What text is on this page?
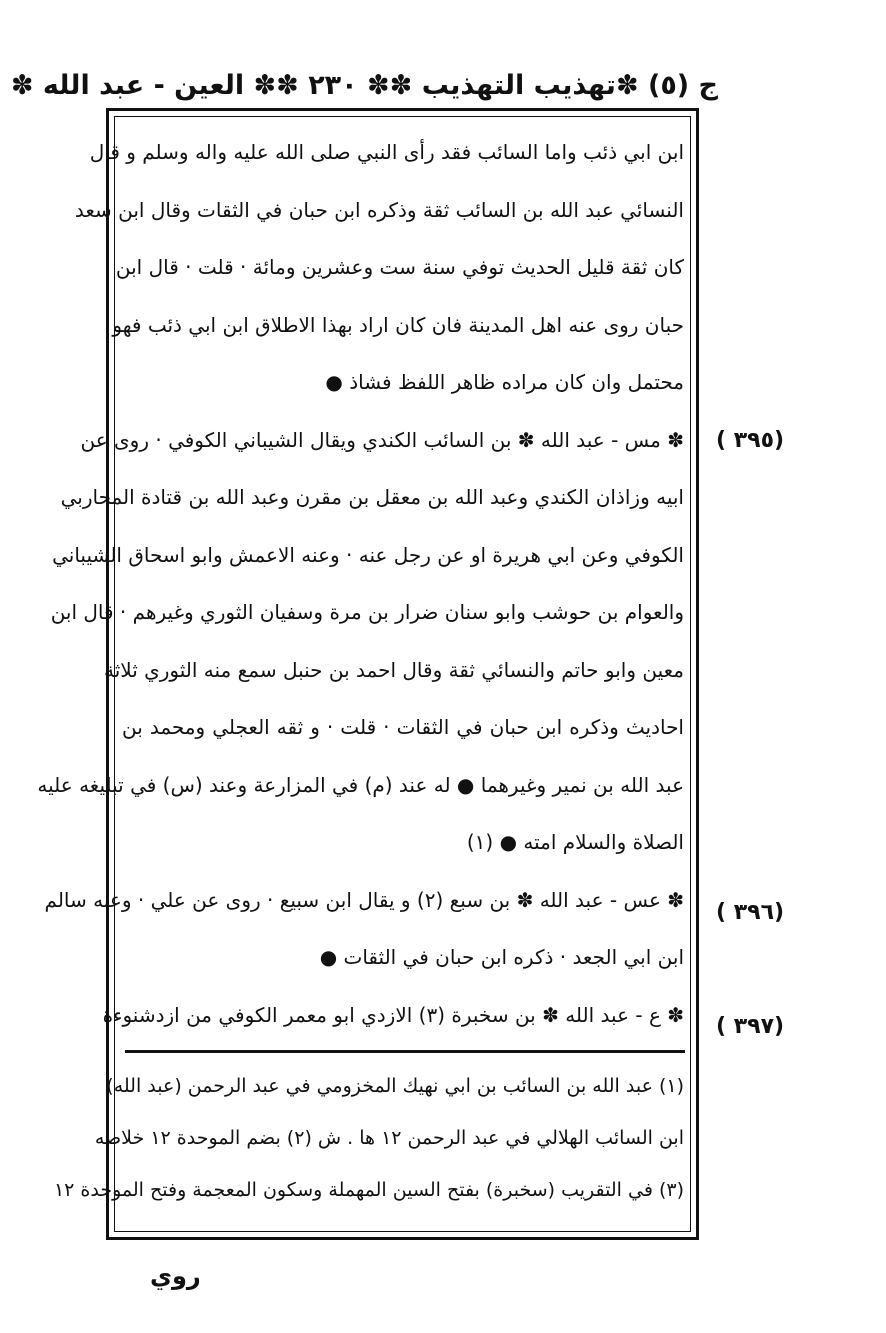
ج (٥) ✽
تهذيب التهذيب ✽
✽ ٢٣٠ ✽
✽ العين - عبد الله ✽
( ٣٩٥)
( ٣٩٦)
( ٣٩٧)
ابن ابي ذئب واما السائب فقد رأى النبي صلى الله عليه واله وسلم و قال
النسائي عبد الله بن السائب ثقة وذكره ابن حبان في الثقات وقال ابن سعد
كان ثقة قليل الحديث توفي سنة ست وعشرين ومائة · قلت · قال ابن
حبان روى عنه اهل المدينة فان كان اراد بهذا الاطلاق ابن ابي ذئب فهو
محتمل وان كان مراده ظاهر اللفظ فشاذ ●
✽ مس - عبد الله ✽ بن السائب الكندي ويقال الشيباني الكوفي · روى عن
ابيه وزاذان الكندي وعبد الله بن معقل بن مقرن وعبد الله بن قتادة المحاربي
الكوفي وعن ابي هريرة او عن رجل عنه · وعنه الاعمش وابو اسحاق الشيباني
والعوام بن حوشب وابو سنان ضرار بن مرة وسفيان الثوري وغيرهم · قال ابن
معين وابو حاتم والنسائي ثقة وقال احمد بن حنبل سمع منه الثوري ثلاثة
احاديث وذكره ابن حبان في الثقات · قلت · و ثقه العجلي ومحمد بن
عبد الله بن نمير وغيرهما ● له عند (م) في المزارعة وعند (س) في تبليغه عليه
الصلاة والسلام امته ● (١)
✽ عس - عبد الله ✽ بن سبع (٢) و يقال ابن سبيع · روى عن علي · وعنه سالم
ابن ابي الجعد · ذكره ابن حبان في الثقات ●
✽ ع - عبد الله ✽ بن سخبرة (٣) الازدي ابو معمر الكوفي من ازدشنوءة
(١) عبد الله بن السائب بن ابي نهيك المخزومي في عبد الرحمن (عبد الله)
ابن السائب الهلالي في عبد الرحمن ١٢ ها . ش (٢) بضم الموحدة ١٢ خلاصه
(٣) في التقريب (سخبرة) بفتح السين المهملة وسكون المعجمة وفتح الموحدة ١٢
روي
